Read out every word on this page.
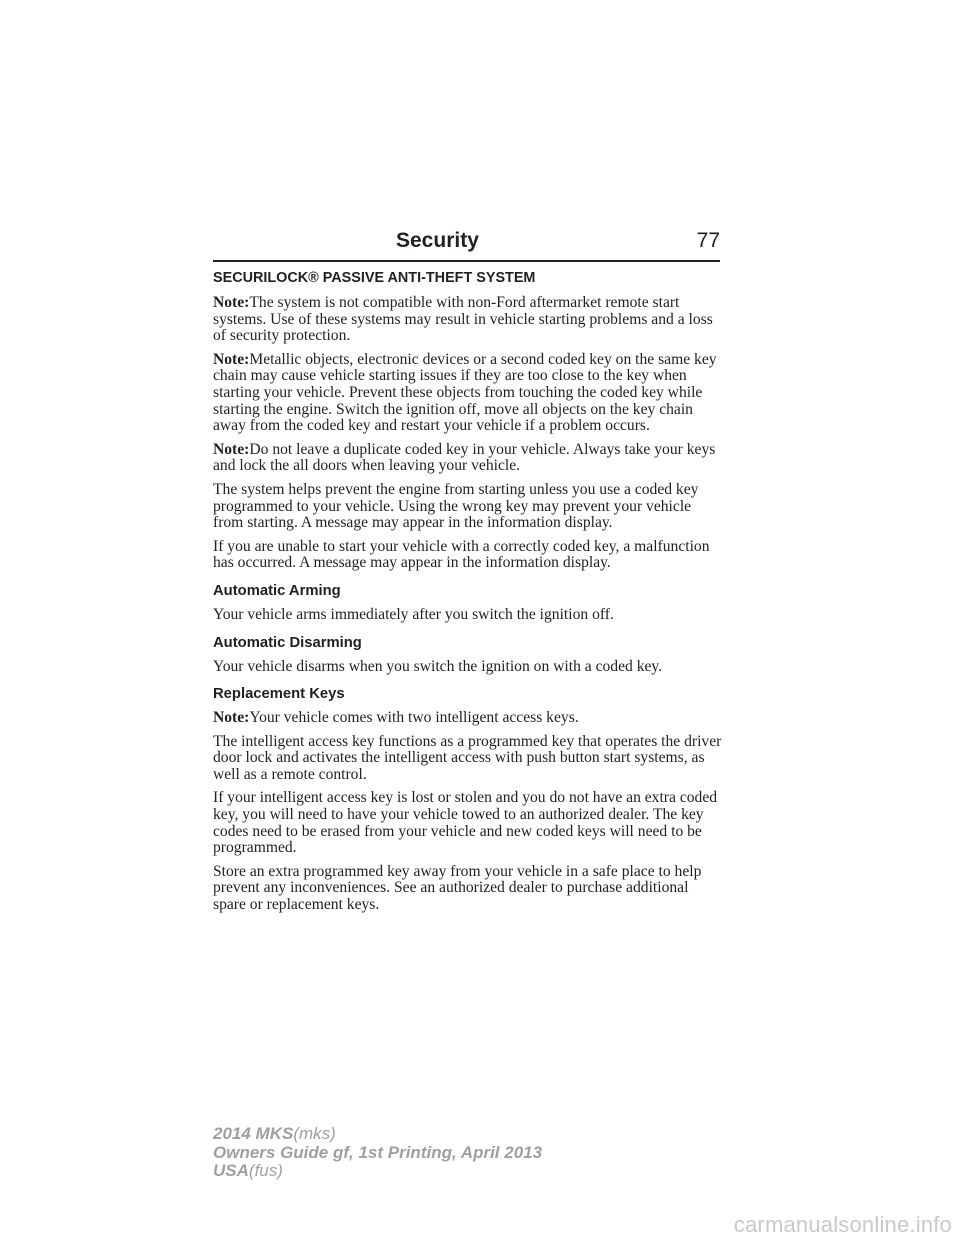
Security	77
SECURILOCK® PASSIVE ANTI-THEFT SYSTEM

Note:The system is not compatible with non-Ford aftermarket remote start systems. Use of these systems may result in vehicle starting problems and a loss of security protection.

Note:Metallic objects, electronic devices or a second coded key on the same key chain may cause vehicle starting issues if they are too close to the key when starting your vehicle. Prevent these objects from touching the coded key while starting the engine. Switch the ignition off, move all objects on the key chain away from the coded key and restart your vehicle if a problem occurs.

Note:Do not leave a duplicate coded key in your vehicle. Always take your keys and lock the all doors when leaving your vehicle.

The system helps prevent the engine from starting unless you use a coded key programmed to your vehicle. Using the wrong key may prevent your vehicle from starting. A message may appear in the information display.

If you are unable to start your vehicle with a correctly coded key, a malfunction has occurred. A message may appear in the information display.

Automatic Arming

Your vehicle arms immediately after you switch the ignition off.

Automatic Disarming

Your vehicle disarms when you switch the ignition on with a coded key.

Replacement Keys

Note:Your vehicle comes with two intelligent access keys.

The intelligent access key functions as a programmed key that operates the driver door lock and activates the intelligent access with push button start systems, as well as a remote control.

If your intelligent access key is lost or stolen and you do not have an extra coded key, you will need to have your vehicle towed to an authorized dealer. The key codes need to be erased from your vehicle and new coded keys will need to be programmed.

Store an extra programmed key away from your vehicle in a safe place to help prevent any inconveniences. See an authorized dealer to purchase additional spare or replacement keys.

2014 MKS(mks)
Owners Guide gf, 1st Printing, April 2013
USA(fus)
carmanualsonline.info
